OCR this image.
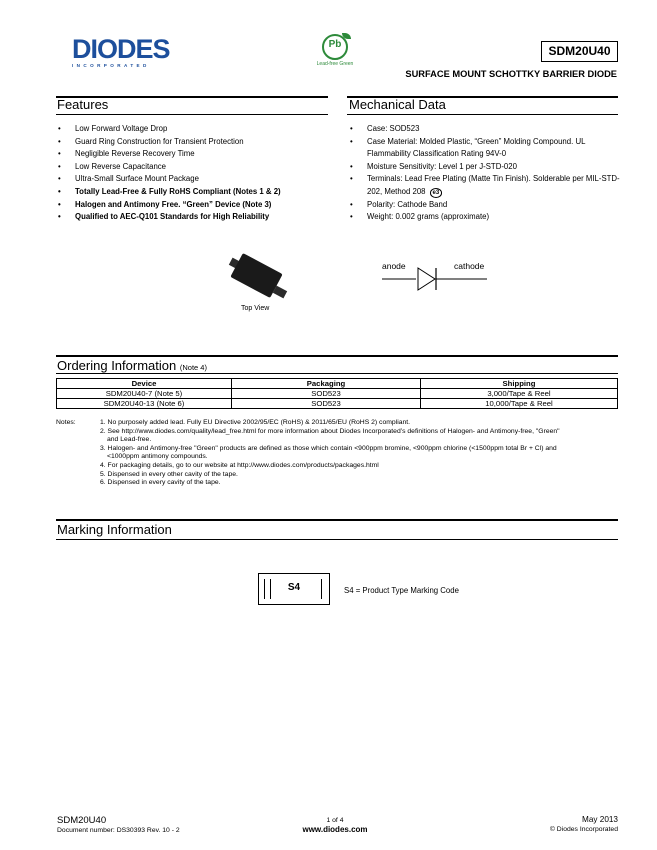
DIODES
INCORPORATED
Pb
Lead-free Green
SDM20U40
SURFACE MOUNT SCHOTTKY BARRIER DIODE
Features
• Low Forward Voltage Drop
• Guard Ring Construction for Transient Protection
• Negligible Reverse Recovery Time
• Low Reverse Capacitance
• Ultra-Small Surface Mount Package
• Totally Lead-Free & Fully RoHS Compliant (Notes 1 & 2)
• Halogen and Antimony Free. “Green” Device (Note 3)
• Qualified to AEC-Q101 Standards for High Reliability
Mechanical Data
• Case: SOD523
• Case Material: Molded Plastic, “Green” Molding Compound. UL Flammability Classification Rating 94V-0
• Moisture Sensitivity: Level 1 per J-STD-020
• Terminals: Lead Free Plating (Matte Tin Finish). Solderable per MIL-STD-202, Method 208 e3
• Polarity: Cathode Band
• Weight: 0.002 grams (approximate)
Top View
anode	cathode
Ordering Information (Note 4)
Device	Packaging	Shipping
SDM20U40-7 (Note 5)	SOD523	3,000/Tape & Reel
SDM20U40-13 (Note 6)	SOD523	10,000/Tape & Reel
Notes:	1. No purposely added lead. Fully EU Directive 2002/95/EC (RoHS) & 2011/65/EU (RoHS 2) compliant.
2. See http://www.diodes.com/quality/lead_free.html for more information about Diodes Incorporated’s definitions of Halogen- and Antimony-free, "Green"
and Lead-free.
3. Halogen- and Antimony-free "Green" products are defined as those which contain <900ppm bromine, <900ppm chlorine (<1500ppm total Br + Cl) and
<1000ppm antimony compounds.
4. For packaging details, go to our website at http://www.diodes.com/products/packages.html
5. Dispensed in every other cavity of the tape.
6. Dispensed in every cavity of the tape.
Marking Information
S4	S4 = Product Type Marking Code
SDM20U40
Document number: DS30393 Rev. 10 - 2
1 of 4
www.diodes.com
May 2013
© Diodes Incorporated
